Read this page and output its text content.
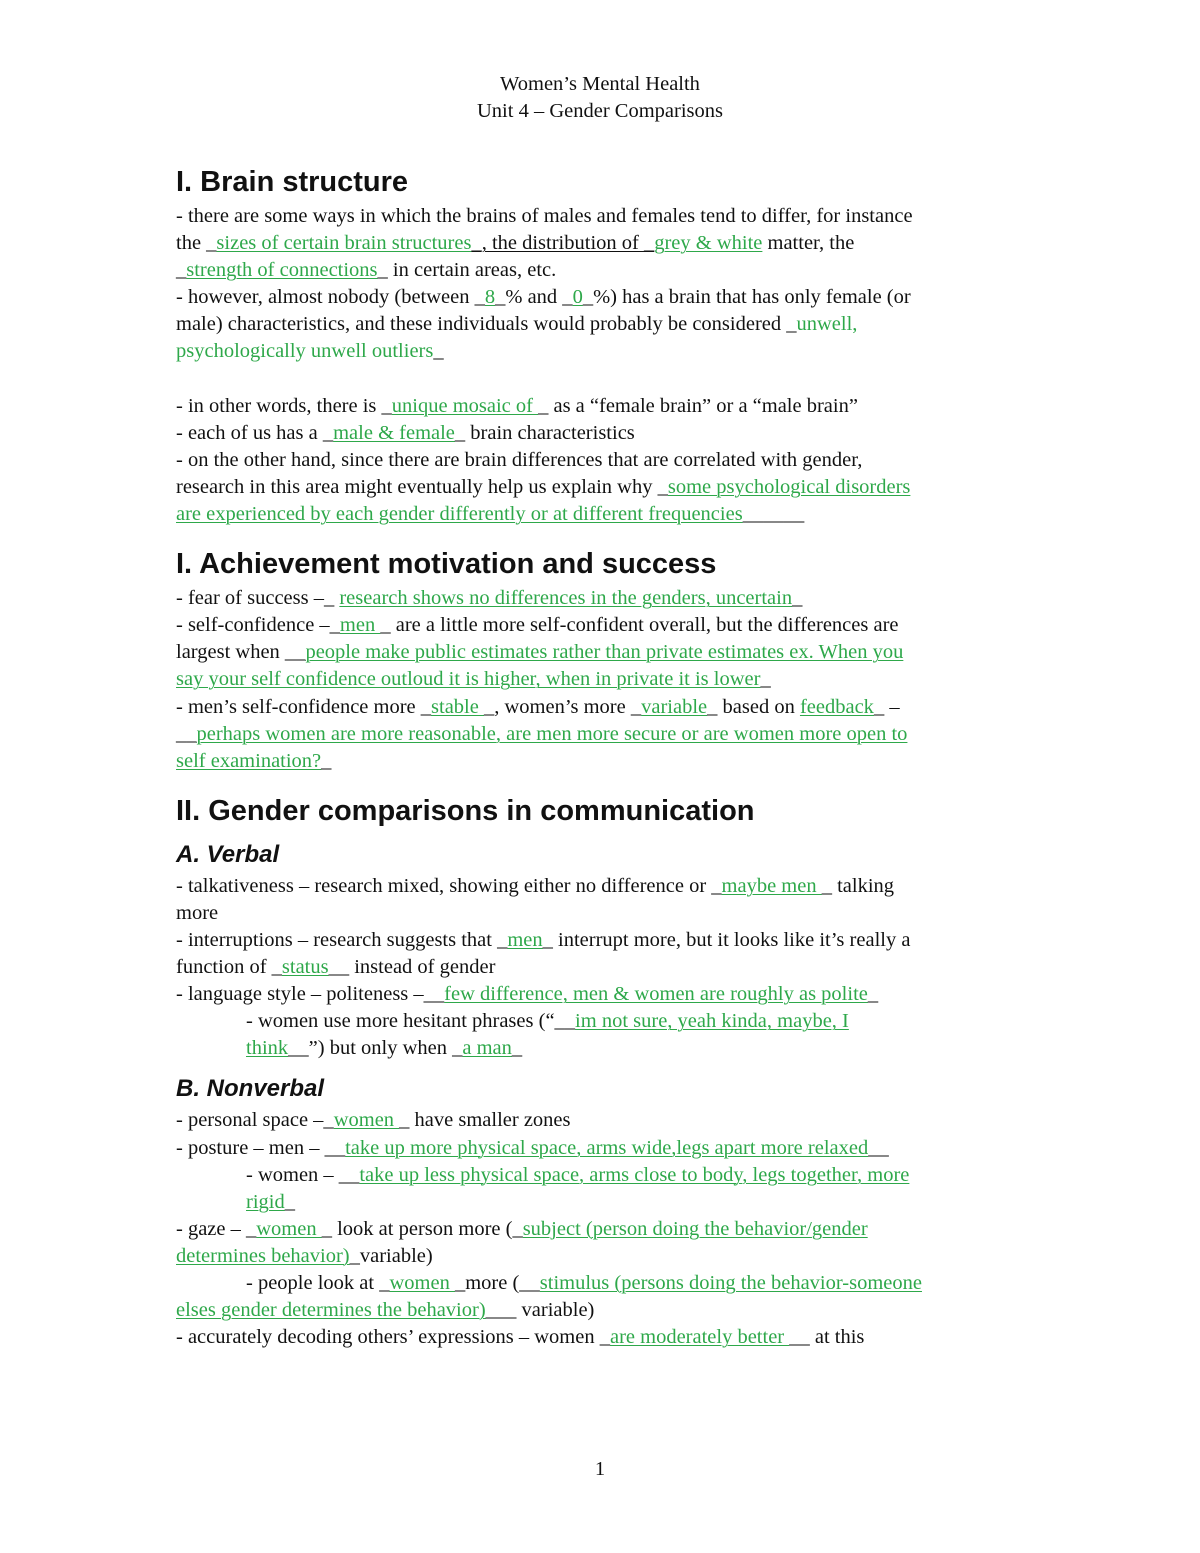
Women’s Mental Health
Unit 4 – Gender Comparisons
I. Brain structure

- there are some ways in which the brains of males and females tend to differ, for instance

the _sizes of certain brain structures_, the distribution of _grey & white matter, the

_strength of connections_ in certain areas, etc.

- however, almost nobody (between _8_% and _0_%) has a brain that has only female (or

male) characteristics, and these individuals would probably be considered _unwell,

psychologically unwell outliers_

- in other words, there is _unique mosaic of _ as a “female brain” or a “male brain”

- each of us has a _male & female_ brain characteristics

- on the other hand, since there are brain differences that are correlated with gender,

research in this area might eventually help us explain why _some psychological disorders

are experienced by each gender differently or at different frequencies______

I. Achievement motivation and success

- fear of success –_ research shows no differences in the genders, uncertain_

- self-confidence –_men _ are a little more self-confident overall, but the differences are

largest when __people make public estimates rather than private estimates ex. When you

say your self confidence outloud it is higher, when in private it is lower_

- men’s self-confidence more _stable _, women’s more _variable_ based on feedback_ –

__perhaps women are more reasonable, are men more secure or are women more open to

self examination?_

II. Gender comparisons in communication
A. Verbal

- talkativeness – research mixed, showing either no difference or _maybe men _ talking

more

- interruptions – research suggests that _men_ interrupt more, but it looks like it’s really a

function of _status__ instead of gender

- language style – politeness –__few difference, men & women are roughly as polite_

- women use more hesitant phrases (“__im not sure, yeah kinda, maybe, I

think__”) but only when _a man_

B. Nonverbal

- personal space –_women _ have smaller zones

- posture – men – __take up more physical space, arms wide,legs apart more relaxed__

- women – __take up less physical space, arms close to body, legs together, more

rigid_

- gaze – _women _ look at person more (_subject (person doing the behavior/gender

determines behavior)_variable)

- people look at _women _more (__stimulus (persons doing the behavior-someone

elses gender determines the behavior)___ variable)

- accurately decoding others’ expressions – women _are moderately better __ at this

1
